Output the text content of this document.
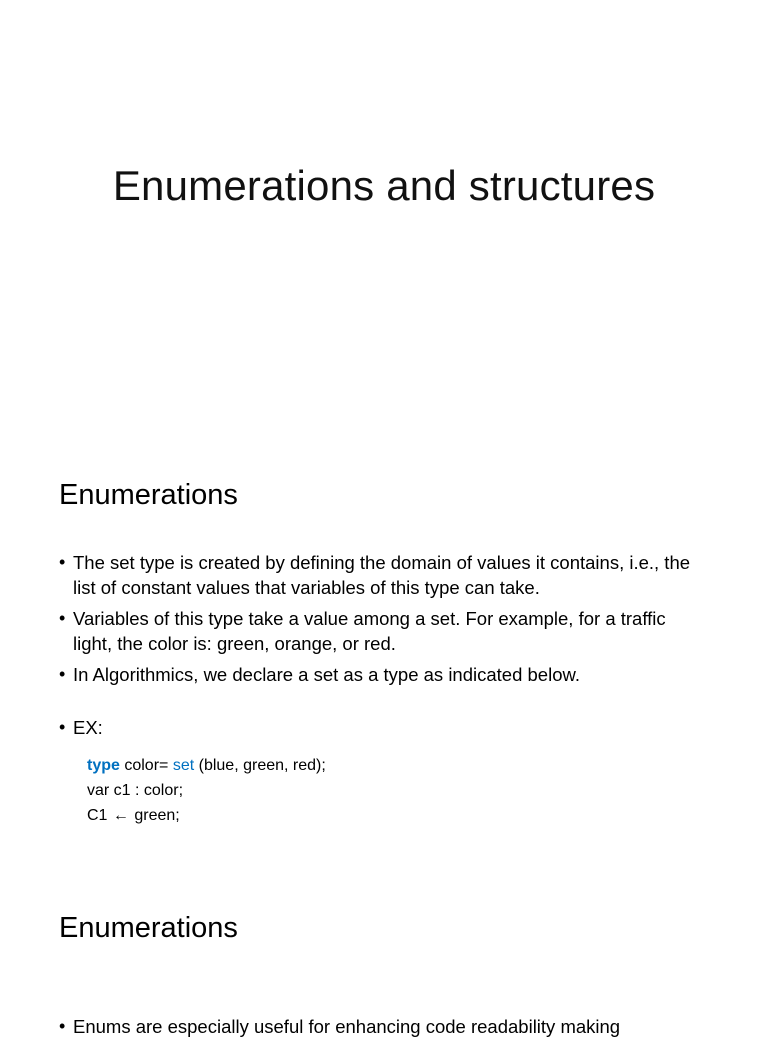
Enumerations and structures
Enumerations
• The set type is created by defining the domain of values it contains, i.e., the list of constant values that variables of this type can take.
• Variables of this type take a value among a set. For example, for a traffic light, the color is: green, orange, or red.
• In Algorithmics, we declare a set as a type as indicated below.
• EX:
type color= set (blue, green, red);
var c1 : color;
C1 ← green;
Enumerations
• Enums are especially useful for enhancing code readability making
